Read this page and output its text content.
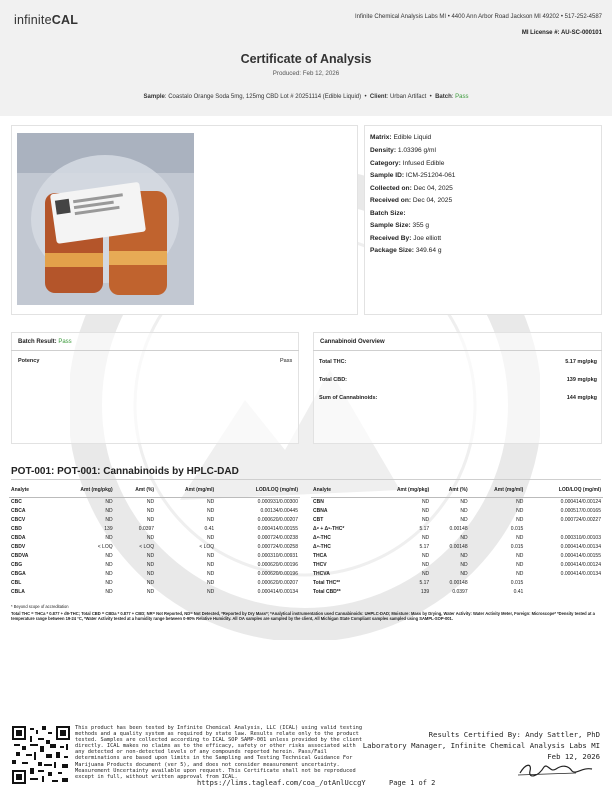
infiniteCAL	Infinite Chemical Analysis Labs MI • 4400 Ann Arbor Road Jackson MI 49202 • 517-252-4587
MI License #: AU-SC-000101
Certificate of Analysis
Produced: Feb 12, 2026
Sample: Coastalo Orange Soda 5mg, 125mg CBD Lot # 20251114 (Edible Liquid) • Client: Urban Artifact • Batch: Pass
Matrix: Edible Liquid
Density: 1.03396 g/ml
Category: Infused Edible
Sample ID: ICM-251204-061
Collected on: Dec 04, 2025
Received on: Dec 04, 2025
Batch Size:
Sample Size: 355 g
Received By: Joe elliott
Package Size: 349.64 g
Batch Result: Pass
Potency	Pass
Cannabinoid Overview
Total THC:	5.17 mg/pkg
Total CBD:	139 mg/pkg
Sum of Cannabinoids:	144 mg/pkg
POT-001: POT-001: Cannabinoids by HPLC-DAD
Analyte	Amt (mg/pkg)	Amt (%)	Amt (mg/ml)	LOD/LOQ (mg/ml)
CBC	ND	ND	ND	0.000931/0.00300
CBCA	ND	ND	ND	0.00134/0.00445
CBCV	ND	ND	ND	0.000620/0.00207
CBD	139	0.0397	0.41	0.000414/0.00155
CBDA	ND	ND	ND	0.000724/0.00238
CBDV	< LOQ	< LOQ	< LOQ	0.000724/0.00258
CBDVA	ND	ND	ND	0.000310/0.00931
CBG	ND	ND	ND	0.000620/0.00196
CBGA	ND	ND	ND	0.000620/0.00196
CBL	ND	ND	ND	0.000620/0.00207
CBLA	ND	ND	ND	0.000414/0.00134
Analyte	Amt (mg/pkg)	Amt (%)	Amt (mg/ml)	LOD/LOQ (mg/ml)
CBN	ND	ND	ND	0.000414/0.00124
CBNA	ND	ND	ND	0.000517/0.00165
CBT	ND	ND	ND	0.000724/0.00227
Δ⁸ + Δ⁹-THC*	5.17	0.00148	0.015	
Δ⁸-THC	ND	ND	ND	0.000310/0.00103
Δ⁹-THC	5.17	0.00148	0.015	0.000414/0.00134
THCA	ND	ND	ND	0.000414/0.00155
THCV	ND	ND	ND	0.000414/0.00124
THCVA	ND	ND	ND	0.000414/0.00134
Total THC**	5.17	0.00148	0.015	
Total CBD**	139	0.0397	0.41	
* Beyond scope of accreditation
Total THC = THCa * 0.877 + d9-THC; Total CBD = CBDa * 0.877 + CBD; NR= Not Reported, ND= Not Detected, *Reported by Dry Mass*; *Analytical instrumentation used Cannabinoids: UHPLC-DAD; Moisture: Mass by Drying, Water Activity: Water Activity Meter, Foreign: Microscope* *Density tested at a temperature range between 19-24 °C, *Water Activity tested at a humidity range between 0-90% Relative Humidity. All OA samples are sampled by the client, All Michigan State Compliant samples sampled using SAMPL-SOP-001.
This product has been tested by Infinite Chemical Analysis, LLC (ICAL) using valid testing methods and a quality system as required by state law. Results relate only to the product tested. Samples are collected according to ICAL SOP SAMP-001 unless provided by the client directly. ICAL makes no claims as to the efficacy, safety or other risks associated with any detected or non-detected levels of any compounds reported herein. Pass/Fail determinations are based upon limits in the Sampling and Testing Technical Guidance For Marijuana Products document (ver 5), and does not consider measurement uncertainty. Measurement Uncertainty available upon request. This Certificate shall not be reproduced except in full, without written approval from ICAL.
Results Certified By: Andy Sattler, PhD
Laboratory Manager, Infinite Chemical Analysis Labs MI
Feb 12, 2026
https://lims.tagleaf.com/coa_/otAnlUccgY	Page 1 of 2
